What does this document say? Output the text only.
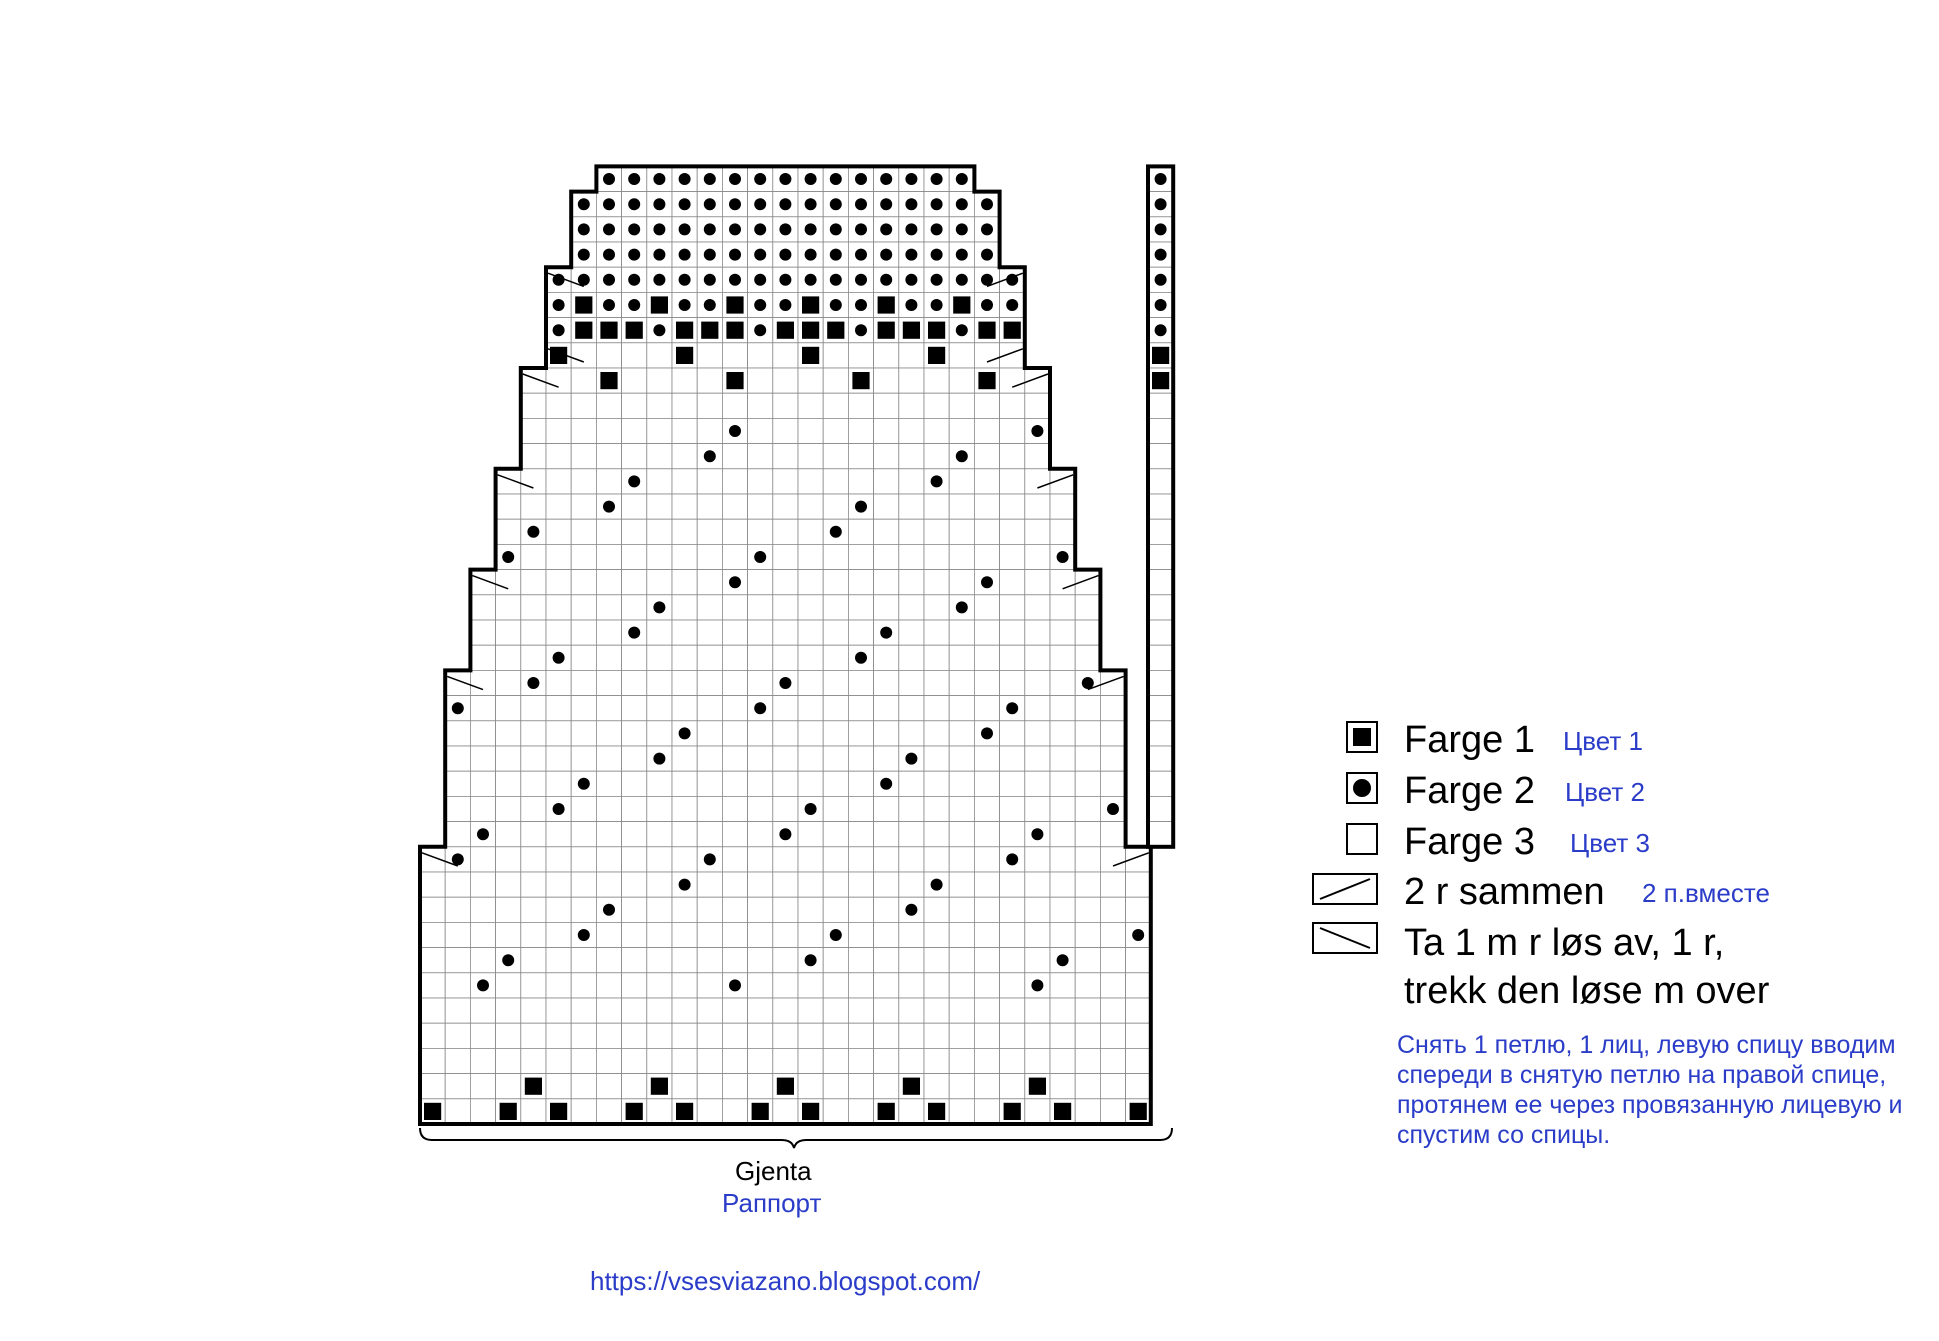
Farge 1 Цвет 1
Farge 2 Цвет 2
Farge 3 Цвет 3
2 r sammen 2 п.вместе
Ta 1 m r løs av, 1 r,
trekk den løse m over
Снять 1 петлю, 1 лиц, левую спицу вводим спереди в снятую петлю на правой спице, протянем ее через провязанную лицевую и спустим со спицы.
Gjenta
Раппорт
https://vsesviazano.blogspot.com/
